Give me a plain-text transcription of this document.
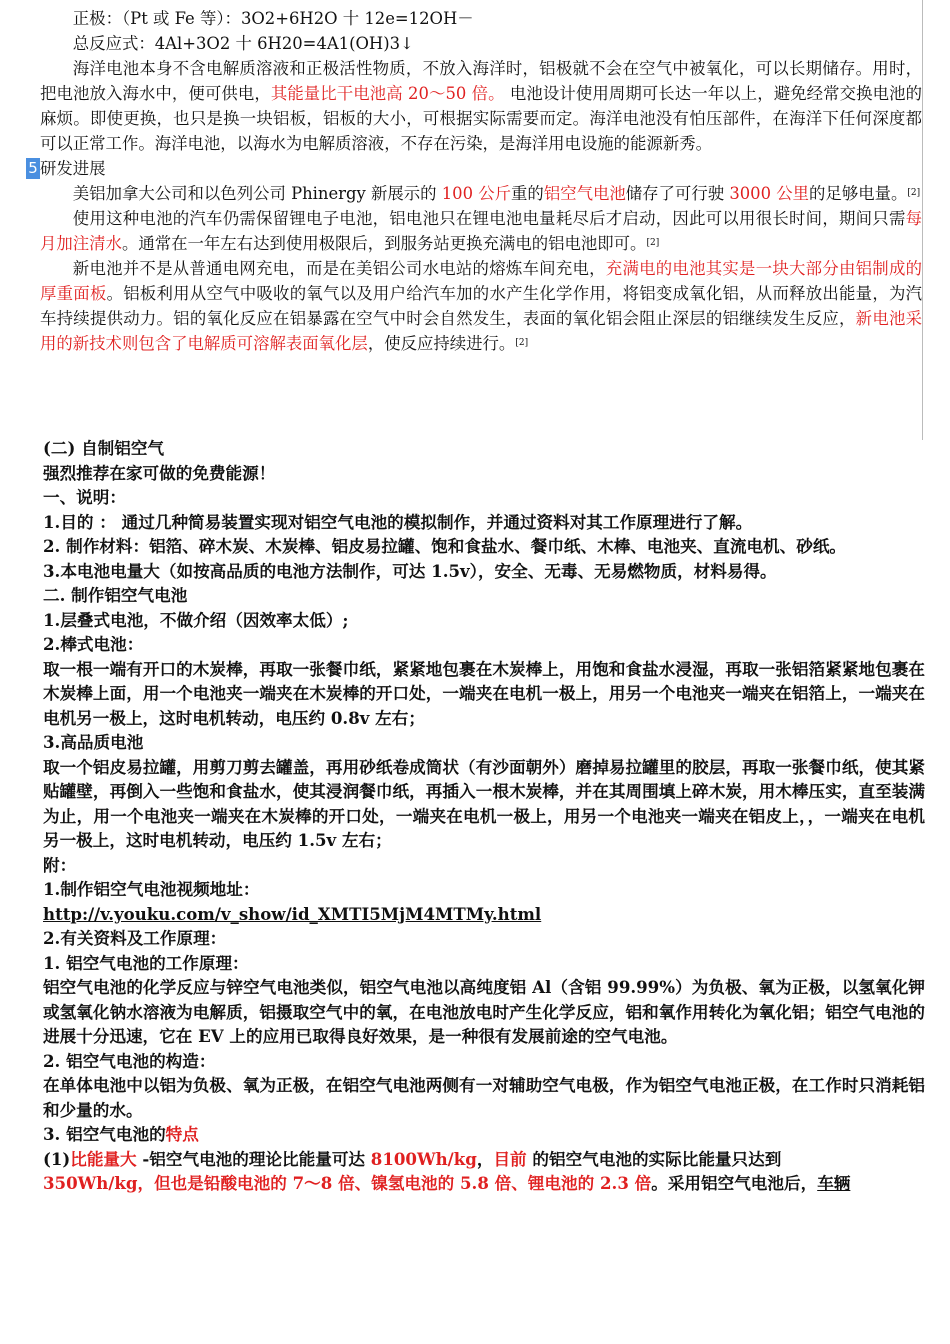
正极：（Pt 或 Fe 等）：3O2+6H2O 十 12e=12OH－

总反应式：4Al+3O2 十 6H20=4A1(OH)3↓

海洋电池本身不含电解质溶液和正极活性物质，不放入海洋时，铝极就不会在空气中被氧化，可以长期储存。用时，把电池放入海水中，便可供电，其能量比干电池高 20～50 倍。 电池设计使用周期可长达一年以上，避免经常交换电池的麻烦。即使更换，也只是换一块铝板，铝板的大小，可根据实际需要而定。海洋电池没有怕压部件，在海洋下任何深度都可以正常工作。海洋电池，以海水为电解质溶液，不存在污染，是海洋用电设施的能源新秀。

5 研发进展

美铝加拿大公司和以色列公司 Phinergy 新展示的 100 公斤重的铝空气电池储存了可行驶 3000 公里的足够电量。[2]

使用这种电池的汽车仍需保留锂电子电池，铝电池只在锂电池电量耗尽后才启动，因此可以用很长时间，期间只需每月加注清水。通常在一年左右达到使用极限后，到服务站更换充满电的铝电池即可。[2]

新电池并不是从普通电网充电，而是在美铝公司水电站的熔炼车间充电，充满电的电池其实是一块大部分由铝制成的厚重面板。铝板利用从空气中吸收的氧气以及用户给汽车加的水产生化学作用，将铝变成氧化铝，从而释放出能量，为汽车持续提供动力。铝的氧化反应在铝暴露在空气中时会自然发生，表面的氧化铝会阻止深层的铝继续发生反应，新电池采用的新技术则包含了电解质可溶解表面氧化层，使反应持续进行。[2]

(二) 自制铝空气

强烈推荐在家可做的免费能源！

一、说明：

1.目的 ： 通过几种简易装置实现对铝空气电池的模拟制作，并通过资料对其工作原理进行了解。

2. 制作材料：铝箔、碎木炭、木炭棒、铝皮易拉罐、饱和食盐水、餐巾纸、木棒、电池夹、直流电机、砂纸。

3.本电池电量大（如按高品质的电池方法制作，可达 1.5v），安全、无毒、无易燃物质，材料易得。

二. 制作铝空气电池

1.层叠式电池，不做介绍（因效率太低）;

2.棒式电池：

取一根一端有开口的木炭棒，再取一张餐巾纸，紧紧地包裹在木炭棒上，用饱和食盐水浸湿，再取一张铝箔紧紧地包裹在木炭棒上面，用一个电池夹一端夹在木炭棒的开口处，一端夹在电机一极上，用另一个电池夹一端夹在铝箔上，一端夹在电机另一极上，这时电机转动，电压约 0.8v 左右；

3.高品质电池

取一个铝皮易拉罐，用剪刀剪去罐盖，再用砂纸卷成筒状（有沙面朝外）磨掉易拉罐里的胶层，再取一张餐巾纸，使其紧贴罐壁，再倒入一些饱和食盐水，使其浸润餐巾纸，再插入一根木炭棒，并在其周围填上碎木炭，用木棒压实，直至装满为止，用一个电池夹一端夹在木炭棒的开口处，一端夹在电机一极上，用另一个电池夹一端夹在铝皮上，，一端夹在电机另一极上，这时电机转动，电压约 1.5v 左右；

附：

1.制作铝空气电池视频地址：

http://v.youku.com/v_show/id_XMTI5MjM4MTMy.html

2.有关资料及工作原理：

1. 铝空气电池的工作原理：

铝空气电池的化学反应与锌空气电池类似，铝空气电池以高纯度铝 Al（含铝 99.99%）为负极、氧为正极，以氢氧化钾或氢氧化钠水溶液为电解质，铝摄取空气中的氧，在电池放电时产生化学反应，铝和氧作用转化为氧化铝；铝空气电池的进展十分迅速，它在 EV 上的应用已取得良好效果，是一种很有发展前途的空气电池。

2. 铝空气电池的构造：

在单体电池中以铝为负极、氧为正极，在铝空气电池两侧有一对辅助空气电极，作为铝空气电池正极，在工作时只消耗铝和少量的水。

3. 铝空气电池的特点

(1)比能量大 -铝空气电池的理论比能量可达 8100Wh/kg，目前 的铝空气电池的实际比能量只达到
350Wh/kg，但也是铅酸电池的 7～8 倍、镍氢电池的 5.8 倍、锂电池的 2.3 倍。采用铝空气电池后，车辆
